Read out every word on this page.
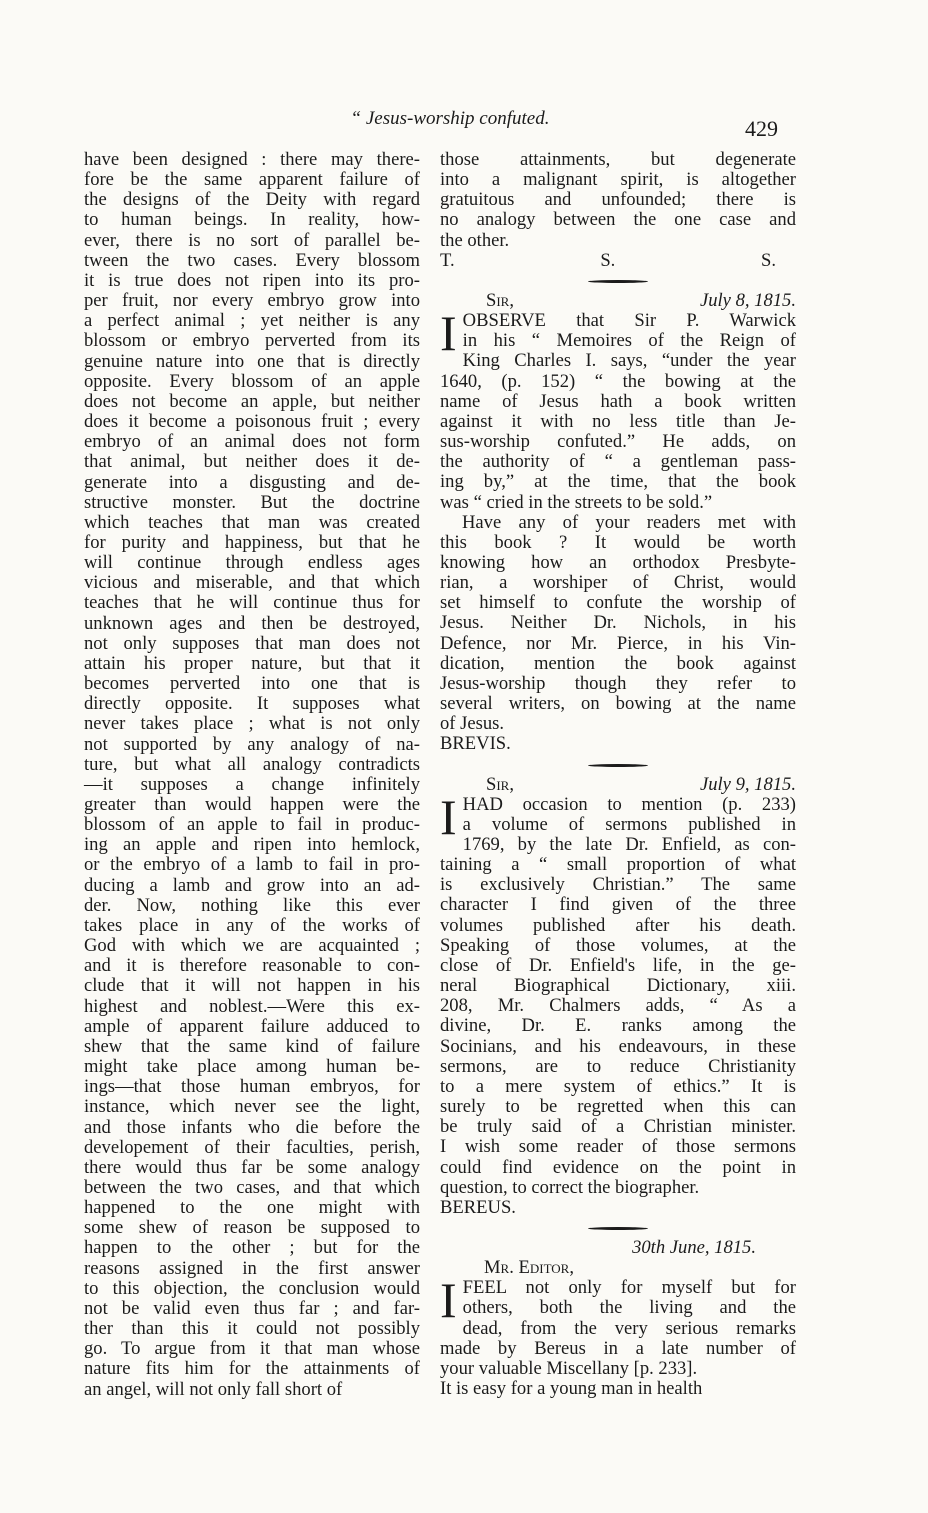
“ Jesus-worship confuted.	429
have been designed : there may there-
fore be the same apparent failure of
the designs of the Deity with regard
to human beings. In reality, how-
ever, there is no sort of parallel be-
tween the two cases. Every blossom
it is true does not ripen into its pro-
per fruit, nor every embryo grow into
a perfect animal ; yet neither is any
blossom or embryo perverted from its
genuine nature into one that is directly
opposite. Every blossom of an apple
does not become an apple, but neither
does it become a poisonous fruit ; every
embryo of an animal does not form
that animal, but neither does it de-
generate into a disgusting and de-
structive monster. But the doctrine
which teaches that man was created
for purity and happiness, but that he
will continue through endless ages
vicious and miserable, and that which
teaches that he will continue thus for
unknown ages and then be destroyed,
not only supposes that man does not
attain his proper nature, but that it
becomes perverted into one that is
directly opposite. It supposes what
never takes place ; what is not only
not supported by any analogy of na-
ture, but what all analogy contradicts
—it supposes a change infinitely
greater than would happen were the
blossom of an apple to fail in produc-
ing an apple and ripen into hemlock,
or the embryo of a lamb to fail in pro-
ducing a lamb and grow into an ad-
der. Now, nothing like this ever
takes place in any of the works of
God with which we are acquainted ;
and it is therefore reasonable to con-
clude that it will not happen in his
highest and noblest.—Were this ex-
ample of apparent failure adduced to
shew that the same kind of failure
might take place among human be-
ings—that those human embryos, for
instance, which never see the light,
and those infants who die before the
developement of their faculties, perish,
there would thus far be some analogy
between the two cases, and that which
happened to the one might with
some shew of reason be supposed to
happen to the other ; but for the
reasons assigned in the first answer
to this objection, the conclusion would
not be valid even thus far ; and far-
ther than this it could not possibly
go. To argue from it that man whose
nature fits him for the attainments of
an angel, will not only fall short of
those attainments, but degenerate
into a malignant spirit, is altogether
gratuitous and unfounded; there is
no analogy between the one case and
the other.

T. S. S.

Sir,	July 8, 1815.
I OBSERVE that Sir P. Warwick
in his “ Memoires of the Reign of
King Charles I. says, “under the year
1640, (p. 152) “ the bowing at the
name of Jesus hath a book written
against it with no less title than Je-
sus-worship confuted.” He adds, on
the authority of “ a gentleman pass-
ing by,” at the time, that the book
was “ cried in the streets to be sold.”
Have any of your readers met with
this book ? It would be worth
knowing how an orthodox Presbyte-
rian, a worshiper of Christ, would
set himself to confute the worship of
Jesus. Neither Dr. Nichols, in his
Defence, nor Mr. Pierce, in his Vin-
dication, mention the book against
Jesus-worship though they refer to
several writers, on bowing at the name
of Jesus.

BREVIS.

Sir,	July 9, 1815.
I HAD occasion to mention (p. 233)
a volume of sermons published in
1769, by the late Dr. Enfield, as con-
taining a “ small proportion of what
is exclusively Christian.” The same
character I find given of the three
volumes published after his death.
Speaking of those volumes, at the
close of Dr. Enfield's life, in the ge-
neral Biographical Dictionary, xiii.
208, Mr. Chalmers adds, “ As a
divine, Dr. E. ranks among the
Socinians, and his endeavours, in these
sermons, are to reduce Christianity
to a mere system of ethics.” It is
surely to be regretted when this can
be truly said of a Christian minister.
I wish some reader of those sermons
could find evidence on the point in
question, to correct the biographer.

BEREUS.

30th June, 1815.
Mr. Editor,
I FEEL not only for myself but for
others, both the living and the
dead, from the very serious remarks
made by Bereus in a late number of
your valuable Miscellany [p. 233].
It is easy for a young man in health
